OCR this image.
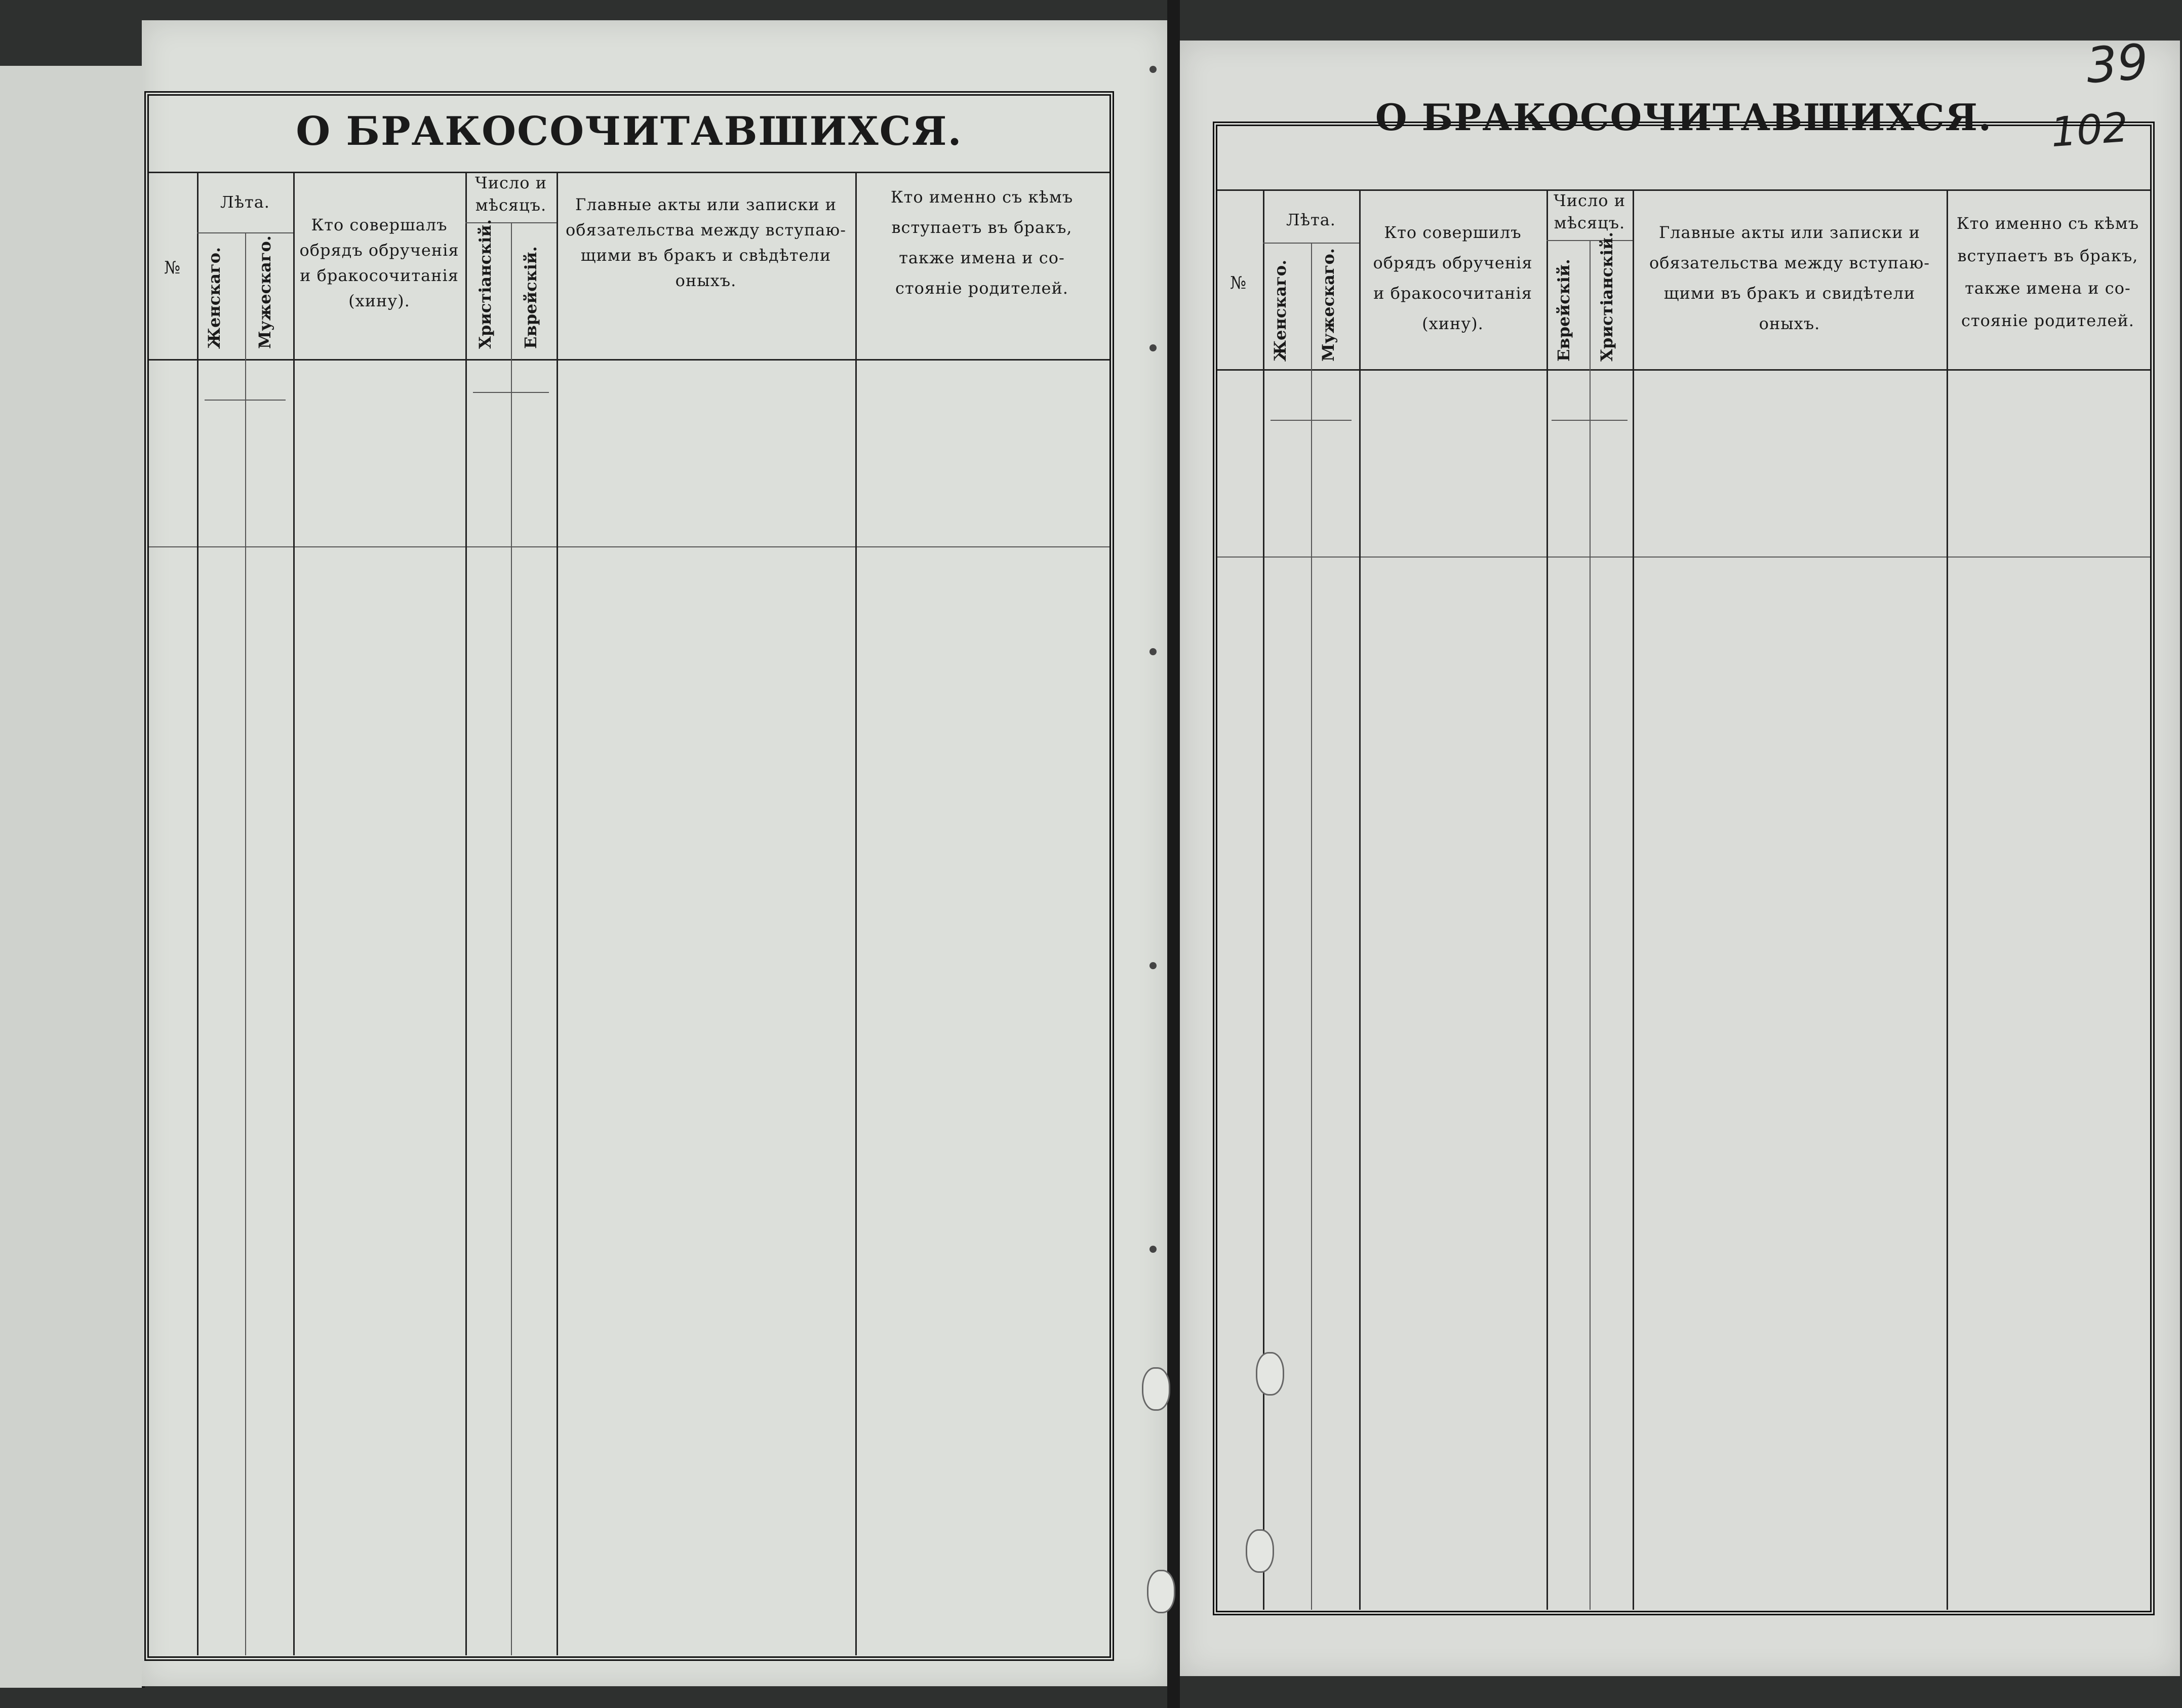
О БРАКОСОЧИТАВШИХСЯ.
№
Лѣта.
Женскаго. Мужескаго.
Кто совершалъ
обрядъ обрученія
и бракосочитанія
(хину).
Число и
мѣсяцъ.
Христіанскій. Еврейскій.
Главные акты или записки и
обязательства между вступаю-
щими въ бракъ и свѣдѣтели
оныхъ.
Кто именно съ кѣмъ
вступаетъ въ бракъ,
также имена и со-
стояніе родителей.
39
102
О БРАКОСОЧИТАВШИХСЯ.
№
Лѣта.
Женскаго. Мужескаго.
Кто совершилъ
обрядъ обрученія
и бракосочитанія
(хину).
Число и
мѣсяцъ.
Еврейскій. Христіанскій.	Главные акты или записки и
обязательства между вступаю-
щими въ бракъ и свидѣтели
оныхъ.
Кто именно съ кѣмъ
вступаетъ въ бракъ,
также имена и со-
стояніе родителей.
